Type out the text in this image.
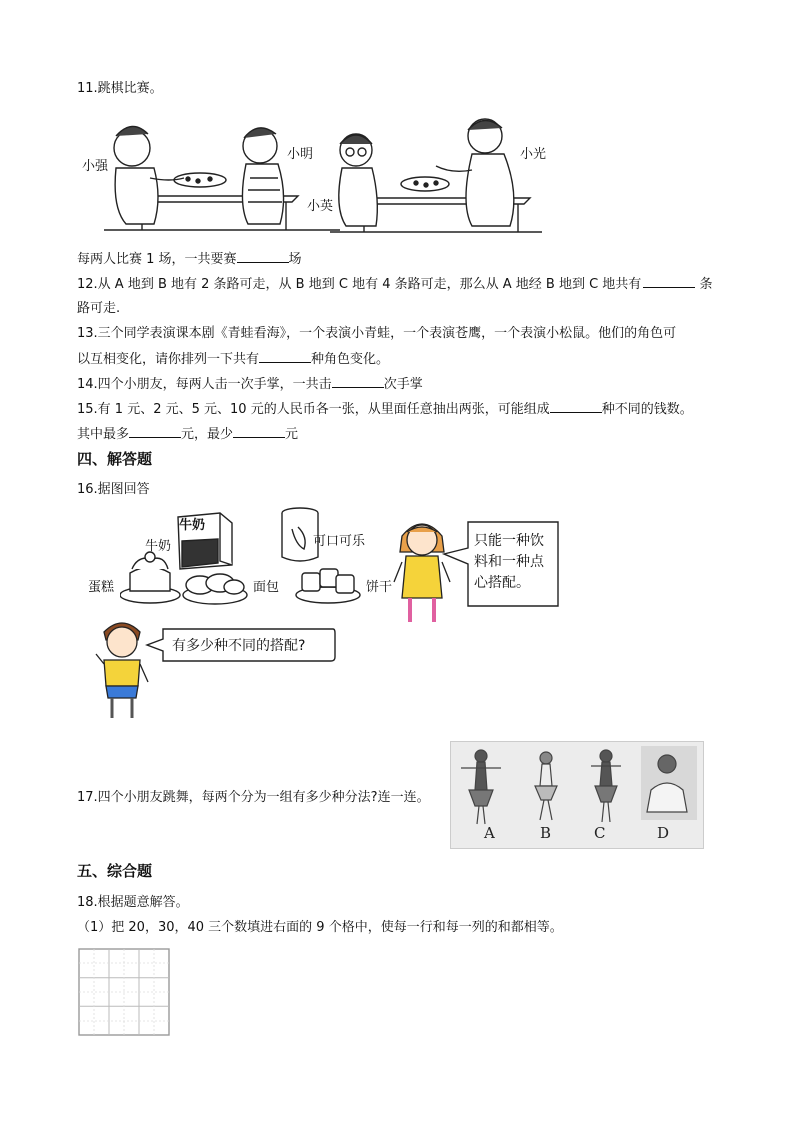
11.跳棋比赛。
小强
小明
小英
小光
每两人比赛 1 场，一共要赛	场
12.从 A 地到 B 地有 2 条路可走，从 B 地到 C 地有 4 条路可走，那么从 A 地经 B 地到 C 地共有	条
路可走.
13.三个同学表演课本剧《青蛙看海》，一个表演小青蛙，一个表演苍鹰，一个表演小松鼠。他们的角色可
以互相变化，请你排列一下共有	种角色变化。
14.四个小朋友，每两人击一次手掌，一共击	次手掌
15.有 1 元、2 元、5 元、10 元的人民币各一张，从里面任意抽出两张，可能组成	种不同的钱数。
其中最多	元，最少	元
四、解答题
16.据图回答
牛奶
牛奶	可口可乐
蛋糕	面包	饼干
只能一种饮
料和一种点
心搭配。
有多少种不同的搭配?
17.四个小朋友跳舞，每两个分为一组有多少种分法?连一连。
A	B	C	D
五、综合题
18.根据题意解答。
（1）把 20，30，40 三个数填进右面的 9 个格中，使每一行和每一列的和都相等。
